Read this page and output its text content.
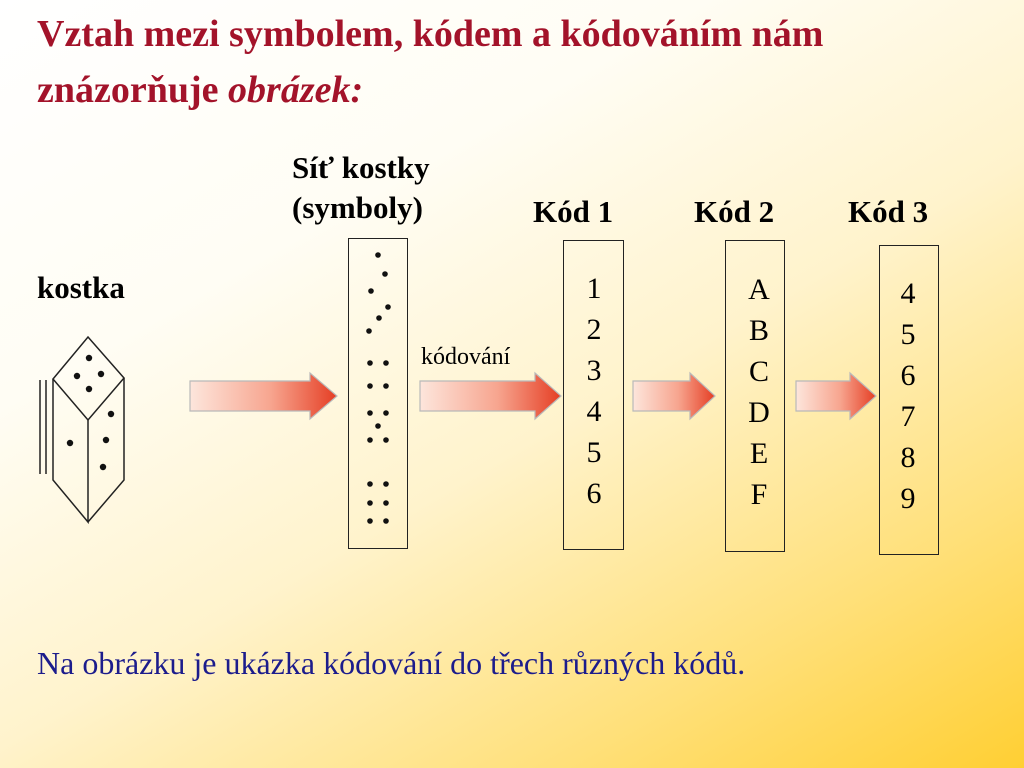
Vztah mezi symbolem, kódem a kódováním nám
znázorňuje obrázek:
Síť kostky
(symboly)
kostka
Kód 1	Kód 2 Kód 3
kódování
1
2
3
4
5
6
A
B
C
D
E
F
4
5
6
7
8
9
Na obrázku je ukázka kódování do třech různých kódů.
